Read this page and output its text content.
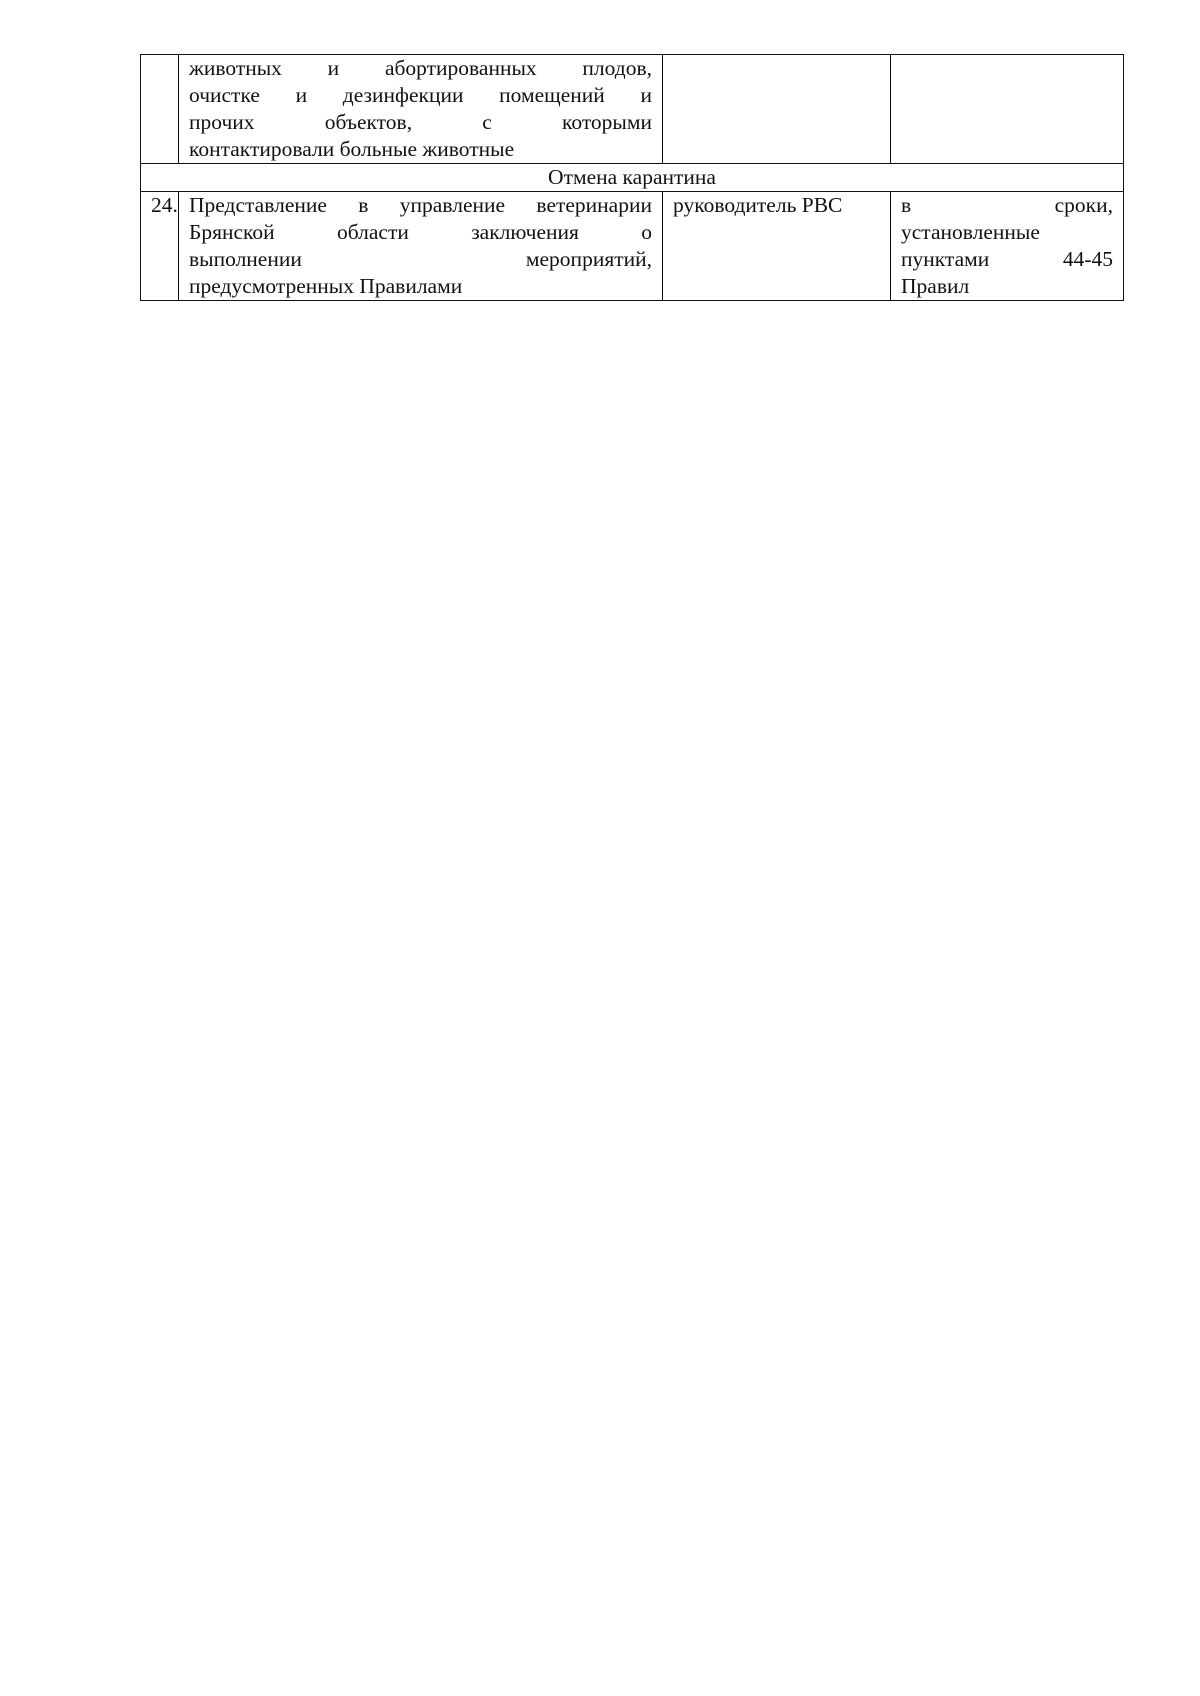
	животных и абортированных плодов,
очистке и дезинфекции помещений и
прочих объектов, с которыми
контактировали больные животные		

Отмена карантина			
24.	Представление в управление ветеринарии
Брянской области заключения о
выполнении мероприятий,
предусмотренных Правилами	руководитель РВС	в сроки,
установленные
пунктами 44-45
Правил
